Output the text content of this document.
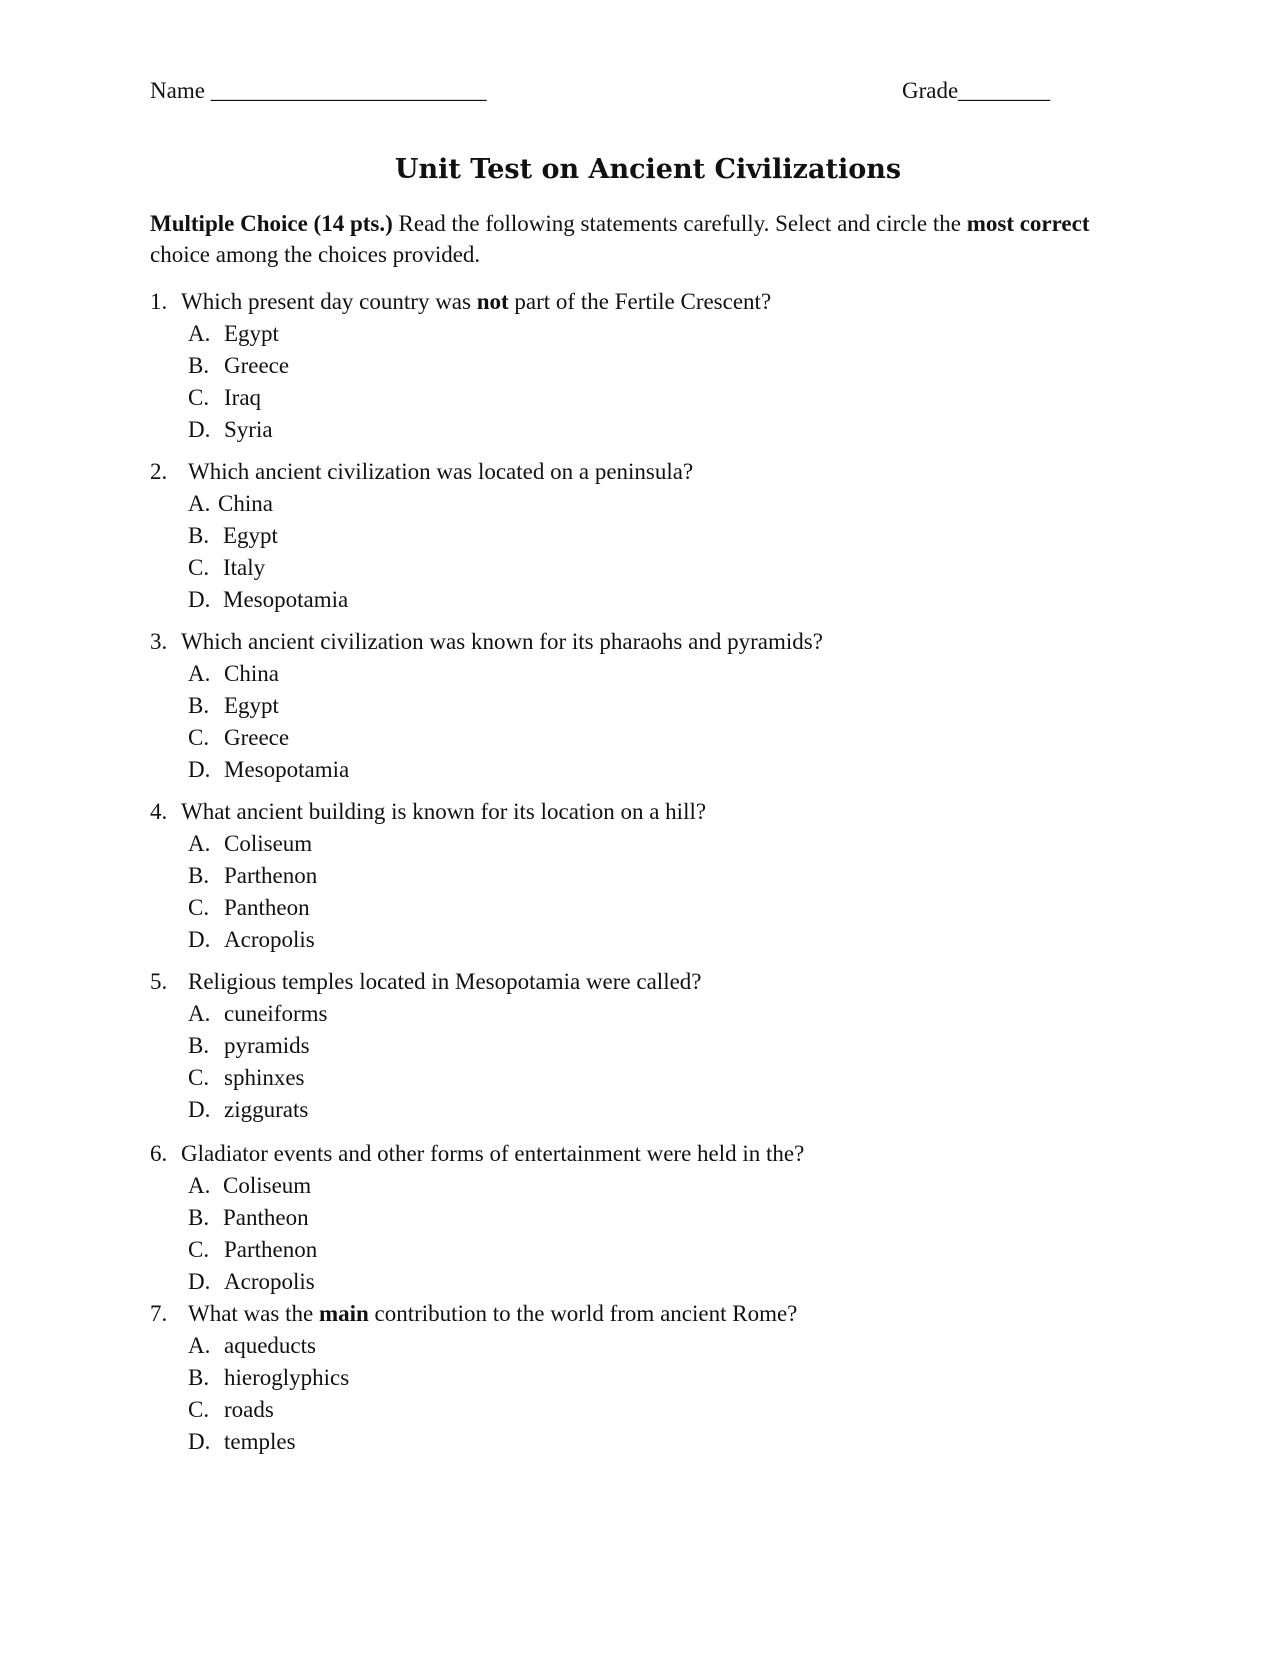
Name ________________________	Grade________
Unit Test on Ancient Civilizations
Multiple Choice (14 pts.) Read the following statements carefully. Select and circle the most correct choice among the choices provided.
1. Which present day country was not part of the Fertile Crescent?
A. Egypt
B. Greece
C. Iraq
D. Syria
2. Which ancient civilization was located on a peninsula?
A. China
B. Egypt
C. Italy
D. Mesopotamia
3. Which ancient civilization was known for its pharaohs and pyramids?
A. China
B. Egypt
C. Greece
D. Mesopotamia
4. What ancient building is known for its location on a hill?
A. Coliseum
B. Parthenon
C. Pantheon
D. Acropolis
5. Religious temples located in Mesopotamia were called?
A. cuneiforms
B. pyramids
C. sphinxes
D. ziggurats
6. Gladiator events and other forms of entertainment were held in the?
A. Coliseum
B. Pantheon
C. Parthenon
D. Acropolis
7. What was the main contribution to the world from ancient Rome?
A. aqueducts
B. hieroglyphics
C. roads
D. temples
